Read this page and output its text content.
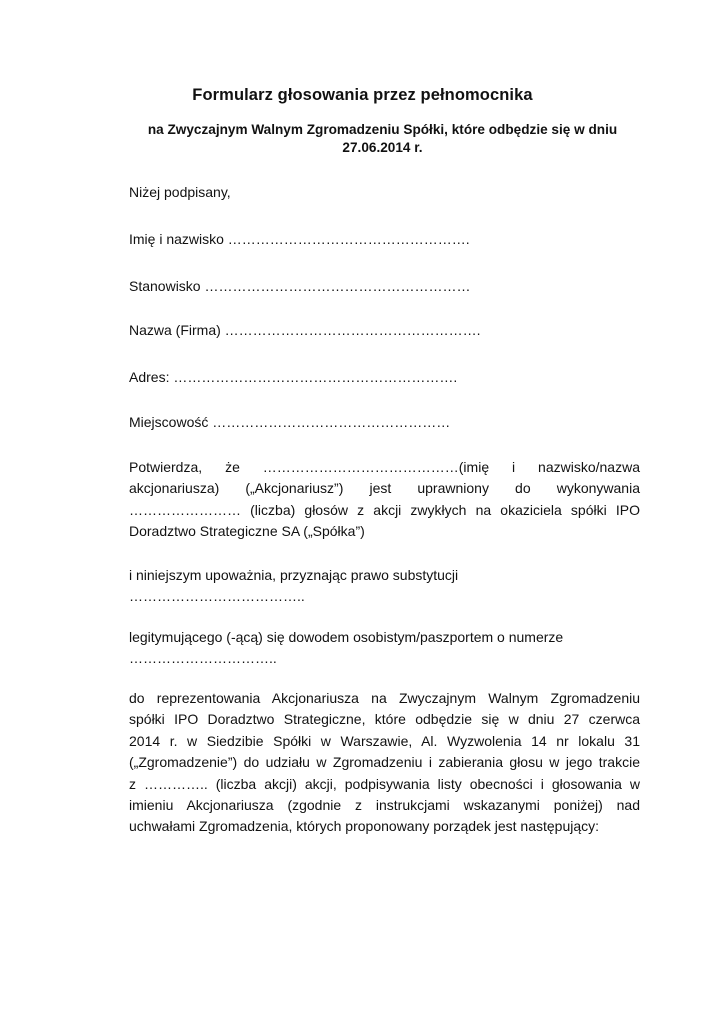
Formularz głosowania przez pełnomocnika
na Zwyczajnym Walnym Zgromadzeniu Spółki, które odbędzie się w dniu
27.06.2014 r.
Niżej podpisany,
Imię i nazwisko …………………………………………….
Stanowisko …………………………………………………
Nazwa (Firma) ……………………………………………….
Adres: …………………………………………………….
Miejscowość ……………………………………………
Potwierdza, że ……………………………………(imię i nazwisko/nazwa
akcjonariusza) („Akcjonariusz”) jest uprawniony do wykonywania
…………………… (liczba) głosów z akcji zwykłych na okaziciela spółki IPO
Doradztwo Strategiczne SA („Spółka”)
i niniejszym upoważnia, przyznając prawo substytucji
………………………………..
legitymującego (-ącą) się dowodem osobistym/paszportem o numerze
…………………………..
do reprezentowania Akcjonariusza na Zwyczajnym Walnym Zgromadzeniu
spółki IPO Doradztwo Strategiczne, które odbędzie się w dniu 27 czerwca
2014 r. w Siedzibie Spółki w Warszawie, Al. Wyzwolenia 14 nr lokalu 31
(„Zgromadzenie”) do udziału w Zgromadzeniu i zabierania głosu w jego trakcie
z ………….. (liczba akcji) akcji, podpisywania listy obecności i głosowania w
imieniu Akcjonariusza (zgodnie z instrukcjami wskazanymi poniżej) nad
uchwałami Zgromadzenia, których proponowany porządek jest następujący:
